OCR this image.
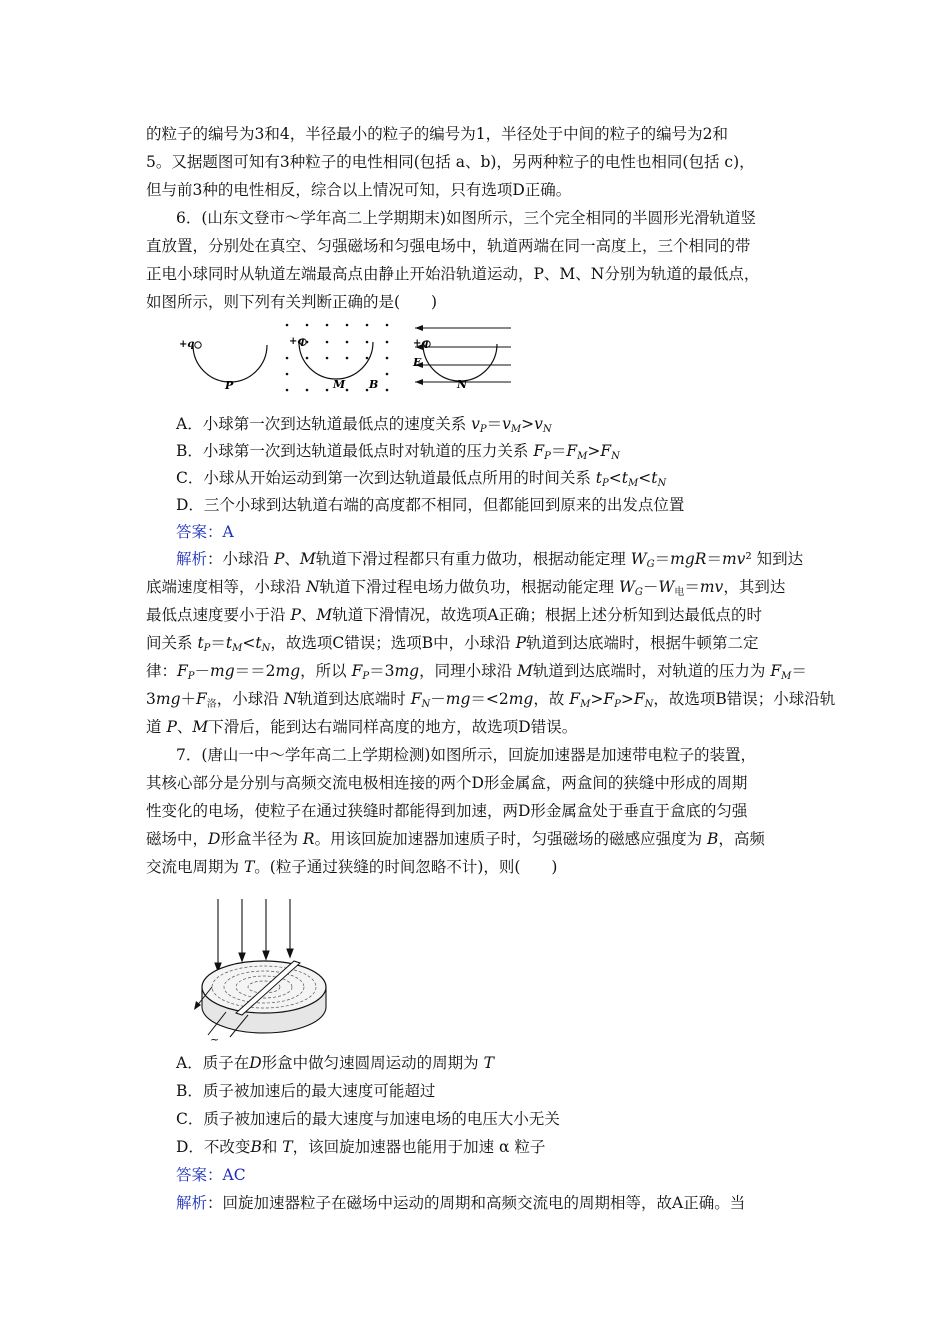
的粒子的编号为3和4，半径最小的粒子的编号为1，半径处于中间的粒子的编号为2和
5。又据题图可知有3种粒子的电性相同(包括 a、b)，另两种粒子的电性也相同(包括 c)，
但与前3种的电性相反，综合以上情况可知，只有选项D正确。
6．(山东文登市～学年高二上学期期末)如图所示，三个完全相同的半圆形光滑轨道竖
直放置，分别处在真空、匀强磁场和匀强电场中，轨道两端在同一高度上，三个相同的带
正电小球同时从轨道左端最高点由静止开始沿轨道运动，P、M、N分别为轨道的最低点，
如图所示，则下列有关判断正确的是(　　)
+q
P
+q
M B
+q
E
N
A．小球第一次到达轨道最低点的速度关系 $v_P=v_M>v_N$
B．小球第一次到达轨道最低点时对轨道的压力关系 $F_P=F_M>F_N$
C．小球从开始运动到第一次到达轨道最低点所用的时间关系 $t_P<t_M<t_N$
D．三个小球到达轨道右端的高度都不相同，但都能回到原来的出发点位置
答案：A
解析：小球沿 P、M轨道下滑过程都只有重力做功，根据动能定理 $W_G=mgR=mv^2$ 知到达
底端速度相等，小球沿 N轨道下滑过程电场力做负功，根据动能定理 $W_G-W_电=mv$，其到达
最低点速度要小于沿 P、M轨道下滑情况，故选项A正确；根据上述分析知到达最低点的时
间关系 $t_P=t_M<t_N$，故选项C错误；选项B中，小球沿 P轨道到达底端时，根据牛顿第二定
律：$F_P-mg==2mg$，所以 $F_P=3mg$，同理小球沿 M轨道到达底端时，对轨道的压力为 $F_M=$
$3mg+F_洛$，小球沿 N轨道到达底端时 $F_N-mg=<2mg$，故 $F_M>F_P>F_N$，故选项B错误；小球沿轨
道 P、M下滑后，能到达右端同样高度的地方，故选项D错误。
7．(唐山一中～学年高二上学期检测)如图所示，回旋加速器是加速带电粒子的装置，
其核心部分是分别与高频交流电极相连接的两个D形金属盒，两盒间的狭缝中形成的周期
性变化的电场，使粒子在通过狭缝时都能得到加速，两D形金属盒处于垂直于盒底的匀强
磁场中，D形盒半径为 R。用该回旋加速器加速质子时，匀强磁场的磁感应强度为 B，高频
交流电周期为 T。(粒子通过狭缝的时间忽略不计)，则(　　)
~
A．质子在D形盒中做匀速圆周运动的周期为 T
B．质子被加速后的最大速度可能超过
C．质子被加速后的最大速度与加速电场的电压大小无关
D．不改变B和 T，该回旋加速器也能用于加速 α 粒子
答案：AC
解析：回旋加速器粒子在磁场中运动的周期和高频交流电的周期相等，故A正确。当
